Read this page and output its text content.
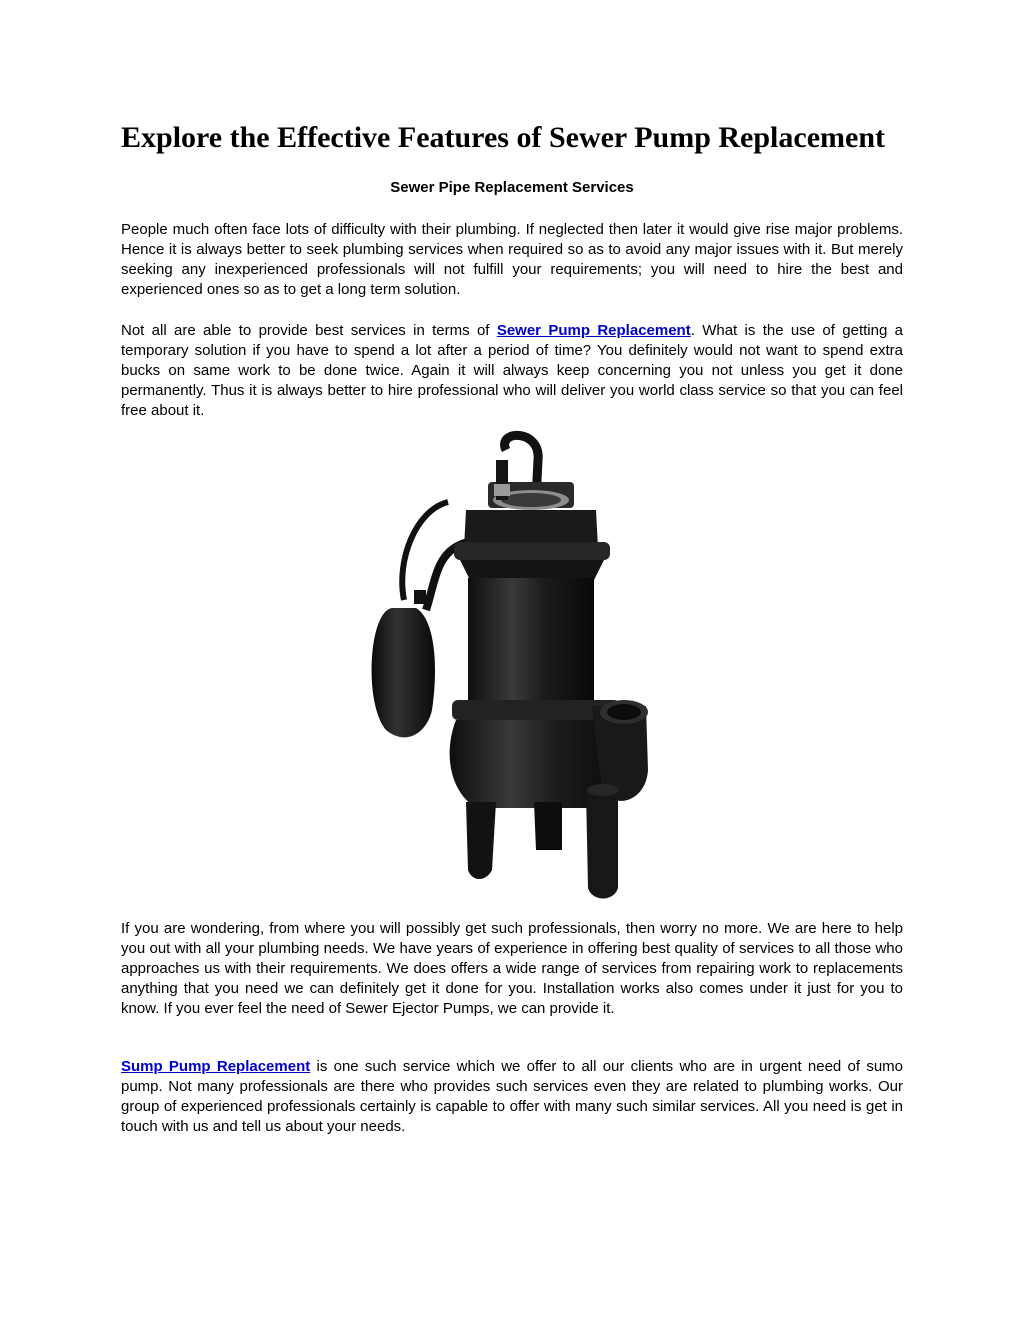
Explore the Effective Features of Sewer Pump Replacement

Sewer Pipe Replacement Services

People much often face lots of difficulty with their plumbing. If neglected then later it would give rise major problems. Hence it is always better to seek plumbing services when required so as to avoid any major issues with it. But merely seeking any inexperienced professionals will not fulfill your requirements; you will need to hire the best and experienced ones so as to get a long term solution.

Not all are able to provide best services in terms of Sewer Pump Replacement. What is the use of getting a temporary solution if you have to spend a lot after a period of time? You definitely would not want to spend extra bucks on same work to be done twice. Again it will always keep concerning you not unless you get it done permanently. Thus it is always better to hire professional who will deliver you world class service so that you can feel free about it.

If you are wondering, from where you will possibly get such professionals, then worry no more. We are here to help you out with all your plumbing needs. We have years of experience in offering best quality of services to all those who approaches us with their requirements. We does offers a wide range of services from repairing work to replacements anything that you need we can definitely get it done for you. Installation works also comes under it just for you to know. If you ever feel the need of Sewer Ejector Pumps, we can provide it.

Sump Pump Replacement is one such service which we offer to all our clients who are in urgent need of sumo pump. Not many professionals are there who provides such services even they are related to plumbing works. Our group of experienced professionals certainly is capable to offer with many such similar services. All you need is get in touch with us and tell us about your needs.
